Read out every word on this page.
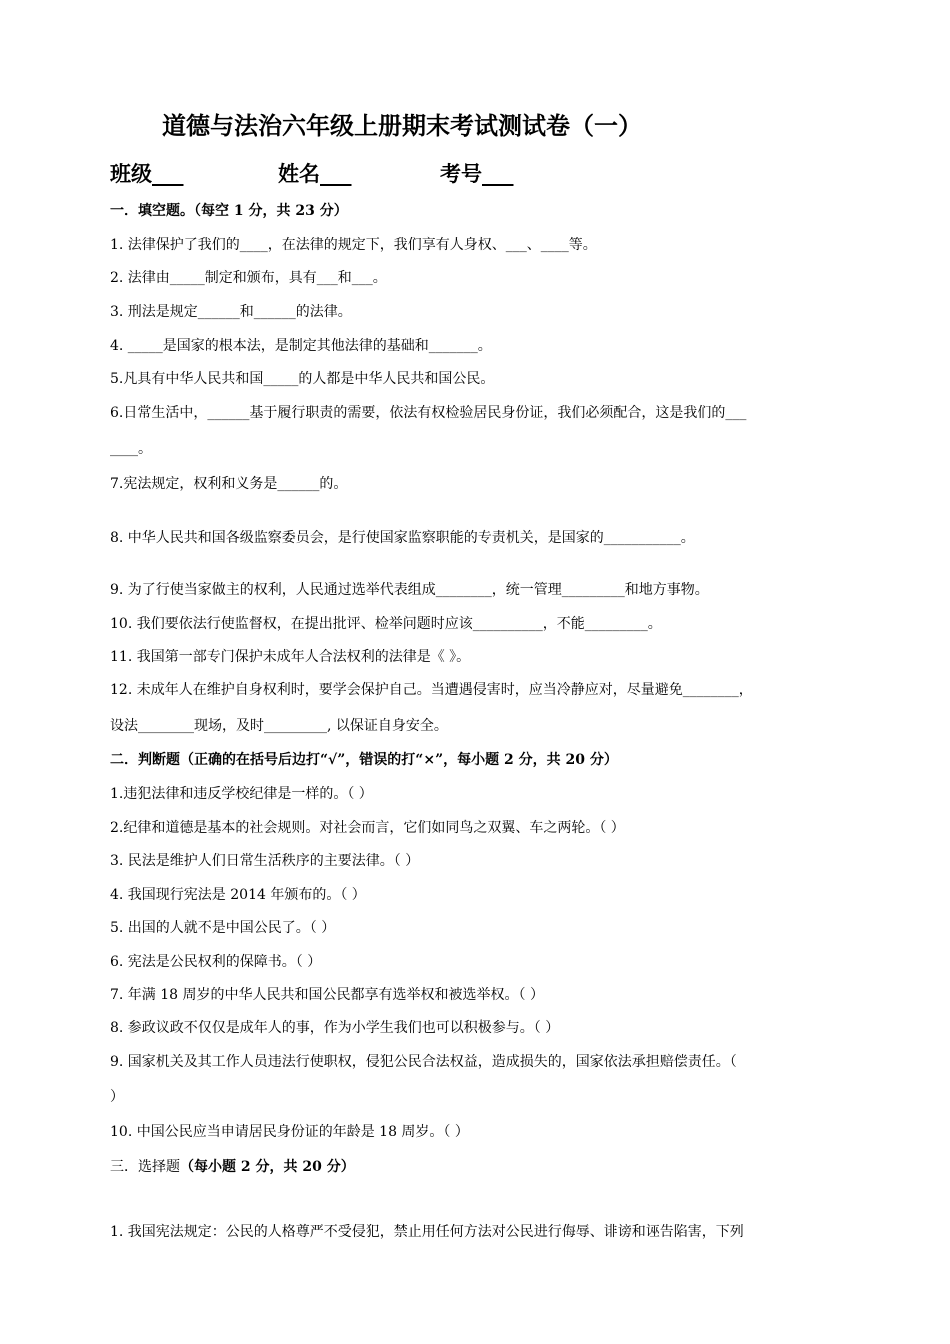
道德与法治六年级上册期末考试测试卷（一）
班级___	姓名___	考号___
一．填空题。（每空 1 分，共 23 分）
1. 法律保护了我们的____，在法律的规定下，我们享有人身权、___、____等。
2. 法律由_____制定和颁布，具有___和___。
3. 刑法是规定______和______的法律。
4. _____是国家的根本法，是制定其他法律的基础和_______。
5.凡具有中华人民共和国_____的人都是中华人民共和国公民。
6.日常生活中，______基于履行职责的需要，依法有权检验居民身份证，我们必须配合，这是我们的___
____。
7.宪法规定，权利和义务是______的。
8. 中华人民共和国各级监察委员会，是行使国家监察职能的专责机关，是国家的___________。
9. 为了行使当家做主的权利，人民通过选举代表组成________，统一管理_________和地方事物。
10. 我们要依法行使监督权，在提出批评、检举问题时应该__________，不能_________。
11. 我国第一部专门保护未成年人合法权利的法律是《 》。
12. 未成年人在维护自身权利时，要学会保护自己。当遭遇侵害时，应当冷静应对，尽量避免________，
设法________现场，及时_________, 以保证自身安全。
二．判断题（正确的在括号后边打“√”，错误的打“×”，每小题 2 分，共 20 分）
1.违犯法律和违反学校纪律是一样的。（ ）
2.纪律和道德是基本的社会规则。对社会而言，它们如同鸟之双翼、车之两轮。（ ）
3. 民法是维护人们日常生活秩序的主要法律。（ ）
4. 我国现行宪法是 2014 年颁布的。（ ）
5. 出国的人就不是中国公民了。（ ）
6. 宪法是公民权利的保障书。（ ）
7. 年满 18 周岁的中华人民共和国公民都享有选举权和被选举权。（ ）
8. 参政议政不仅仅是成年人的事，作为小学生我们也可以积极参与。（ ）
9. 国家机关及其工作人员违法行使职权，侵犯公民合法权益，造成损失的，国家依法承担赔偿责任。（
）
10. 中国公民应当申请居民身份证的年龄是 18 周岁。（ ）
三．选择题（每小题 2 分，共 20 分）
1. 我国宪法规定：公民的人格尊严不受侵犯，禁止用任何方法对公民进行侮辱、诽谤和诬告陷害，下列
